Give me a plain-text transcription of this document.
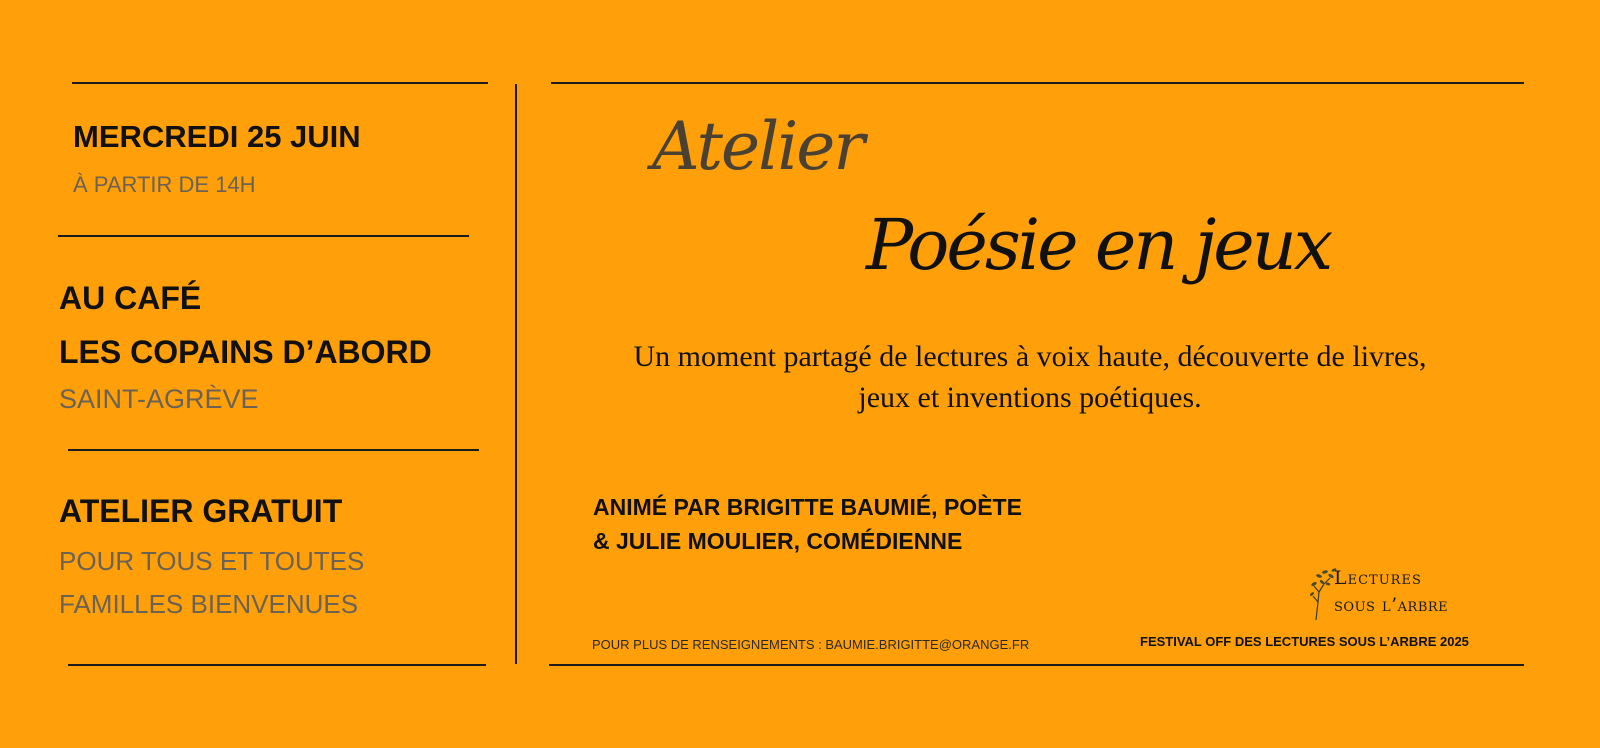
MERCREDI 25 JUIN
À PARTIR DE 14H
AU CAFÉ
LES COPAINS D’ABORD
SAINT-AGRÈVE
ATELIER GRATUIT
POUR TOUS ET TOUTES
FAMILLES BIENVENUES
Atelier
Poésie en jeux
Un moment partagé de lectures à voix haute, découverte de livres,
jeux et inventions poétiques.
ANIMÉ PAR BRIGITTE BAUMIÉ, POÈTE
& JULIE MOULIER, COMÉDIENNE
POUR PLUS DE RENSEIGNEMENTS : BAUMIE.BRIGITTE@ORANGE.FR
Lectures
sous l’arbre
FESTIVAL OFF DES LECTURES SOUS L’ARBRE 2025
